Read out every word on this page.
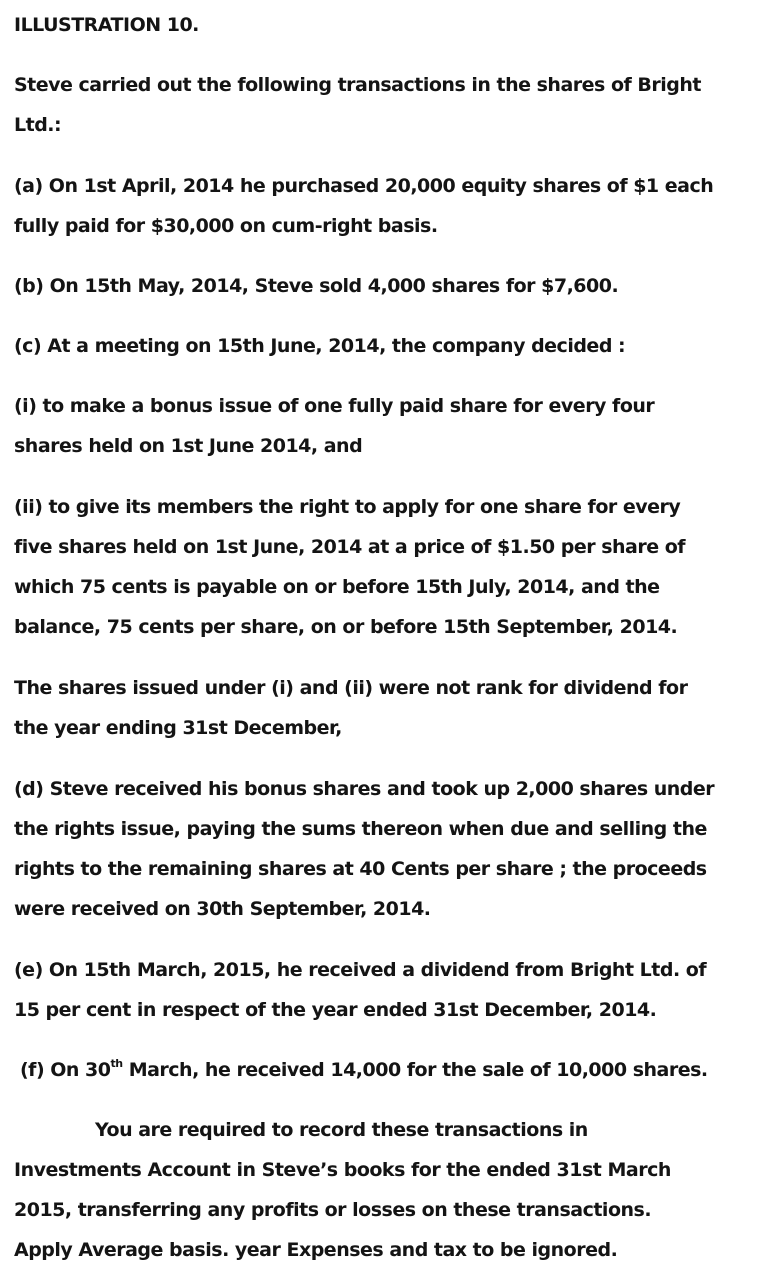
ILLUSTRATION 10.

Steve carried out the following transactions in the shares of Bright
Ltd.:

(a) On 1st April, 2014 he purchased 20,000 equity shares of $1 each
fully paid for $30,000 on cum-right basis.

(b) On 15th May, 2014, Steve sold 4,000 shares for $7,600.

(c) At a meeting on 15th June, 2014, the company decided :

(i) to make a bonus issue of one fully paid share for every four
shares held on 1st June 2014, and

(ii) to give its members the right to apply for one share for every
five shares held on 1st June, 2014 at a price of $1.50 per share of
which 75 cents is payable on or before 15th July, 2014, and the
balance, 75 cents per share, on or before 15th September, 2014.

The shares issued under (i) and (ii) were not rank for dividend for
the year ending 31st December,

(d) Steve received his bonus shares and took up 2,000 shares under
the rights issue, paying the sums thereon when due and selling the
rights to the remaining shares at 40 Cents per share ; the proceeds
were received on 30th September, 2014.

(e) On 15th March, 2015, he received a dividend from Bright Ltd. of
15 per cent in respect of the year ended 31st December, 2014.

(f) On 30th March, he received 14,000 for the sale of 10,000 shares.

You are required to record these transactions in
Investments Account in Steve’s books for the ended 31st March
2015, transferring any profits or losses on these transactions.
Apply Average basis. year Expenses and tax to be ignored.
